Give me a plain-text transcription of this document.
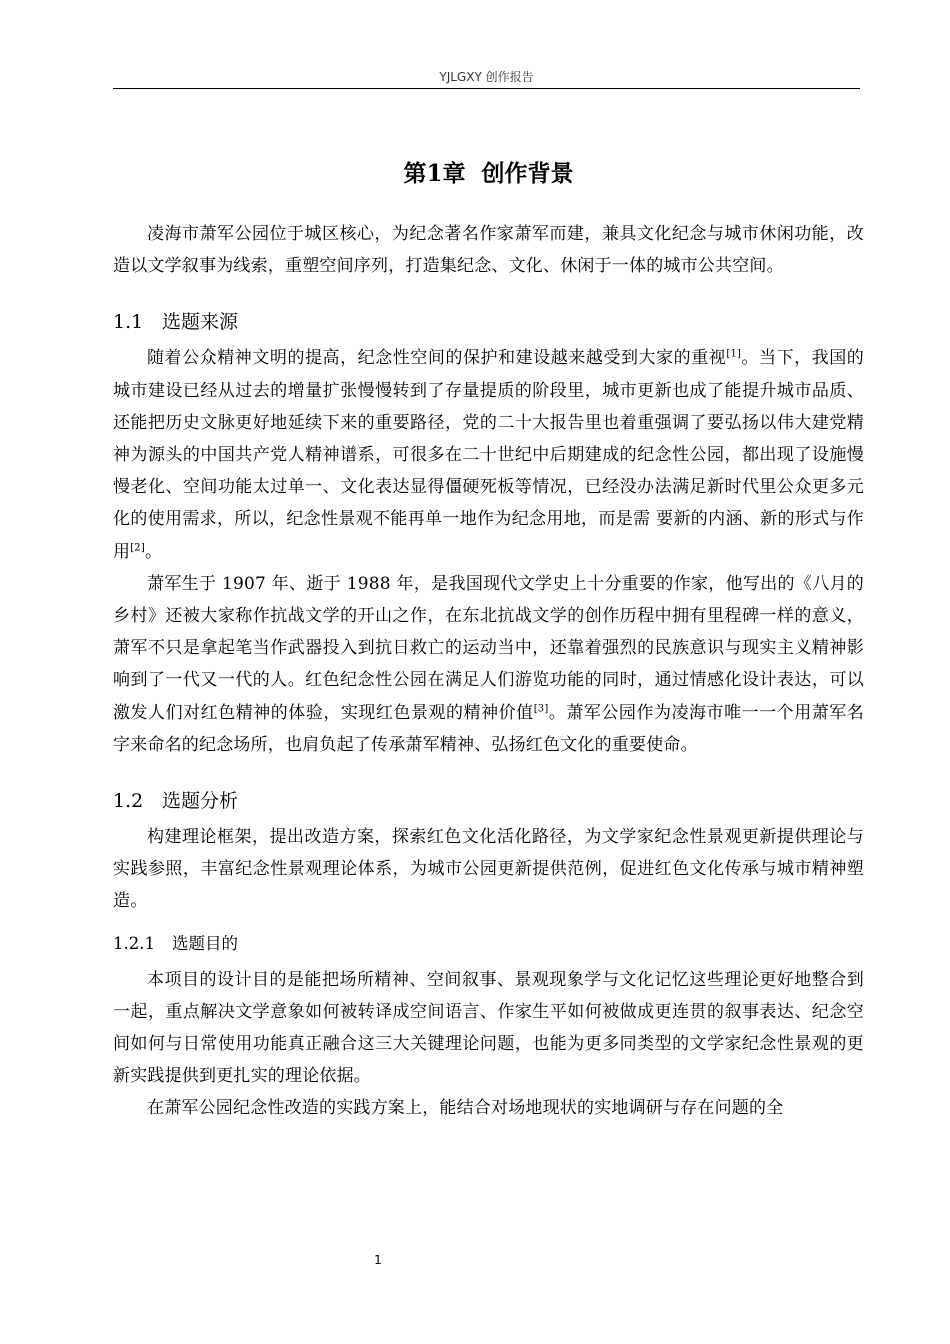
YJLGXY 创作报告
第1章 创作背景

凌海市萧军公园位于城区核心，为纪念著名作家萧军而建，兼具文化纪念与城市休闲功能，改造以文学叙事为线索，重塑空间序列，打造集纪念、文化、休闲于一体的城市公共空间。

1.1 选题来源

随着公众精神文明的提高，纪念性空间的保护和建设越来越受到大家的重视[1]。当下，我国的城市建设已经从过去的增量扩张慢慢转到了存量提质的阶段里，城市更新也成了能提升城市品质、还能把历史文脉更好地延续下来的重要路径，党的二十大报告里也着重强调了要弘扬以伟大建党精神为源头的中国共产党人精神谱系，可很多在二十世纪中后期建成的纪念性公园，都出现了设施慢慢老化、空间功能太过单一、文化表达显得僵硬死板等情况，已经没办法满足新时代里公众更多元化的使用需求，所以，纪念性景观不能再单一地作为纪念用地，而是需 要新的内涵、新的形式与作用[2]。

萧军生于 1907 年、逝于 1988 年，是我国现代文学史上十分重要的作家，他写出的《八月的乡村》还被大家称作抗战文学的开山之作，在东北抗战文学的创作历程中拥有里程碑一样的意义，萧军不只是拿起笔当作武器投入到抗日救亡的运动当中，还靠着强烈的民族意识与现实主义精神影响到了一代又一代的人。红色纪念性公园在满足人们游览功能的同时，通过情感化设计表达，可以激发人们对红色精神的体验，实现红色景观的精神价值[3]。萧军公园作为凌海市唯一一个用萧军名字来命名的纪念场所，也肩负起了传承萧军精神、弘扬红色文化的重要使命。

1.2 选题分析

构建理论框架，提出改造方案，探索红色文化活化路径，为文学家纪念性景观更新提供理论与实践参照，丰富纪念性景观理论体系，为城市公园更新提供范例，促进红色文化传承与城市精神塑造。

1.2.1 选题目的

本项目的设计目的是能把场所精神、空间叙事、景观现象学与文化记忆这些理论更好地整合到一起，重点解决文学意象如何被转译成空间语言、作家生平如何被做成更连贯的叙事表达、纪念空间如何与日常使用功能真正融合这三大关键理论问题，也能为更多同类型的文学家纪念性景观的更新实践提供到更扎实的理论依据。

在萧军公园纪念性改造的实践方案上，能结合对场地现状的实地调研与存在问题的全

1
